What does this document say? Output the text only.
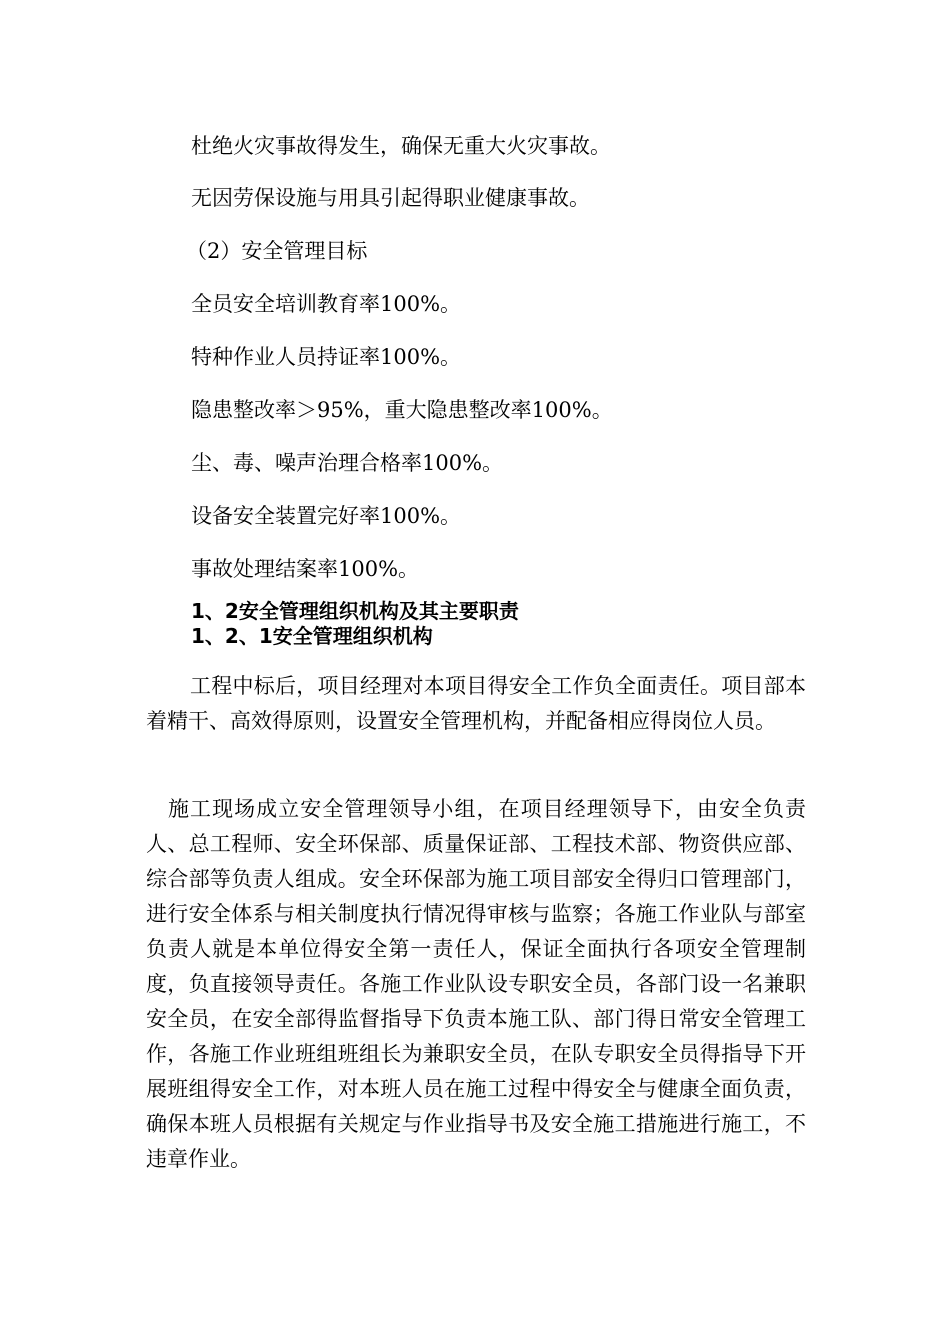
杜绝火灾事故得发生，确保无重大火灾事故。

无因劳保设施与用具引起得职业健康事故。

（2）安全管理目标

全员安全培训教育率100%。

特种作业人员持证率100%。

隐患整改率＞95%，重大隐患整改率100%。

尘、毒、噪声治理合格率100%。

设备安全装置完好率100%。

事故处理结案率100%。

1、2安全管理组织机构及其主要职责

1、2、1安全管理组织机构

工程中标后，项目经理对本项目得安全工作负全面责任。项目部本着精干、高效得原则，设置安全管理机构，并配备相应得岗位人员。

施工现场成立安全管理领导小组，在项目经理领导下，由安全负责人、总工程师、安全环保部、质量保证部、工程技术部、物资供应部、综合部等负责人组成。安全环保部为施工项目部安全得归口管理部门，进行安全体系与相关制度执行情况得审核与监察；各施工作业队与部室负责人就是本单位得安全第一责任人，保证全面执行各项安全管理制度，负直接领导责任。各施工作业队设专职安全员，各部门设一名兼职安全员，在安全部得监督指导下负责本施工队、部门得日常安全管理工作，各施工作业班组班组长为兼职安全员，在队专职安全员得指导下开展班组得安全工作，对本班人员在施工过程中得安全与健康全面负责，确保本班人员根据有关规定与作业指导书及安全施工措施进行施工，不违章作业。
